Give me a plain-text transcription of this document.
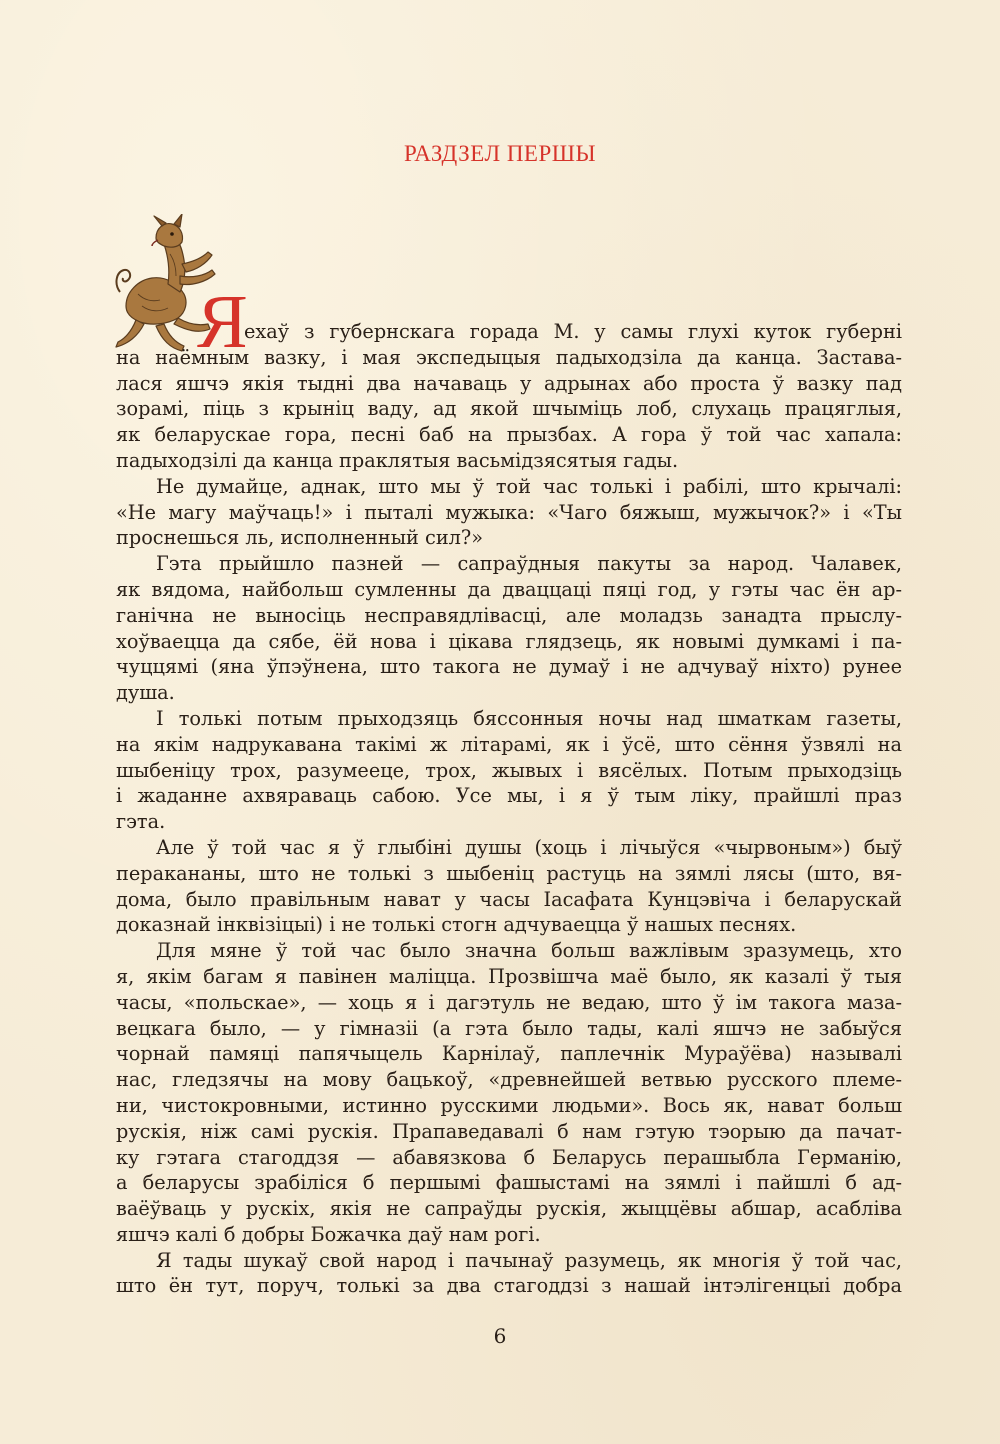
РАЗДЗЕЛ ПЕРШЫ
Я
ехаў з губернскага горада М. у самы глухі куток губерні
на наёмным вазку, і мая экспедыцыя падыходзіла да канца. Застава-
лася яшчэ якія тыдні два начаваць у адрынах або проста ў вазку пад
зорамі, піць з крыніц ваду, ад якой шчыміць лоб, слухаць працяглыя,
як беларускае гора, песні баб на прызбах. А гора ў той час хапала:
падыходзілі да канца праклятыя васьмідзясятыя гады.
Не думайце, аднак, што мы ў той час толькі і рабілі, што крычалі:
«Не магу маўчаць!» і пыталі мужыка: «Чаго бяжыш, мужычок?» і «Ты
проснешься ль, исполненный сил?»
Гэта прыйшло пазней — сапраўдныя пакуты за народ. Чалавек,
як вядома, найбольш сумленны да дваццаці пяці год, у гэты час ён ар-
ганічна не выносіць несправядлівасці, але моладзь занадта прыслу-
хоўваецца да сябе, ёй нова і цікава глядзець, як новымі думкамі і па-
чуццямі (яна ўпэўнена, што такога не думаў і не адчуваў ніхто) рунее
душа.
І толькі потым прыходзяць бяссонныя ночы над шматкам газеты,
на якім надрукавана такімі ж літарамі, як і ўсё, што сёння ўзвялі на
шыбеніцу трох, разумееце, трох, жывых і вясёлых. Потым прыходзіць
і жаданне ахвяраваць сабою. Усе мы, і я ў тым ліку, прайшлі праз
гэта.
Але ў той час я ў глыбіні душы (хоць і лічыўся «чырвоным») быў
перакананы, што не толькі з шыбеніц растуць на зямлі лясы (што, вя-
дома, было правільным нават у часы Іасафата Кунцэвіча і беларускай
доказнай інквізіцыі) і не толькі стогн адчуваецца ў нашых песнях.
Для мяне ў той час было значна больш важлівым зразумець, хто
я, якім багам я павінен маліцца. Прозвішча маё было, як казалі ў тыя
часы, «польскае», — хоць я і дагэтуль не ведаю, што ў ім такога маза-
вецкага было, — у гімназіі (а гэта было тады, калі яшчэ не забыўся
чорнай памяці папячыцель Карнілаў, паплечнік Мураўёва) называлі
нас, гледзячы на мову бацькоў, «древнейшей ветвью русского племе-
ни, чистокровными, истинно русскими людьми». Вось як, нават больш
рускія, ніж самі рускія. Прапаведавалі б нам гэтую тэорыю да пачат-
ку гэтага стагоддзя — абавязкова б Беларусь перашыбла Германію,
а беларусы зрабіліся б першымі фашыстамі на зямлі і пайшлі б ад-
ваёўваць у рускіх, якія не сапраўды рускія, жыццёвы абшар, асабліва
яшчэ калі б добры Божачка даў нам рогі.
Я тады шукаў свой народ і пачынаў разумець, як многія ў той час,
што ён тут, поруч, толькі за два стагоддзі з нашай інтэлігенцыі добра
6
